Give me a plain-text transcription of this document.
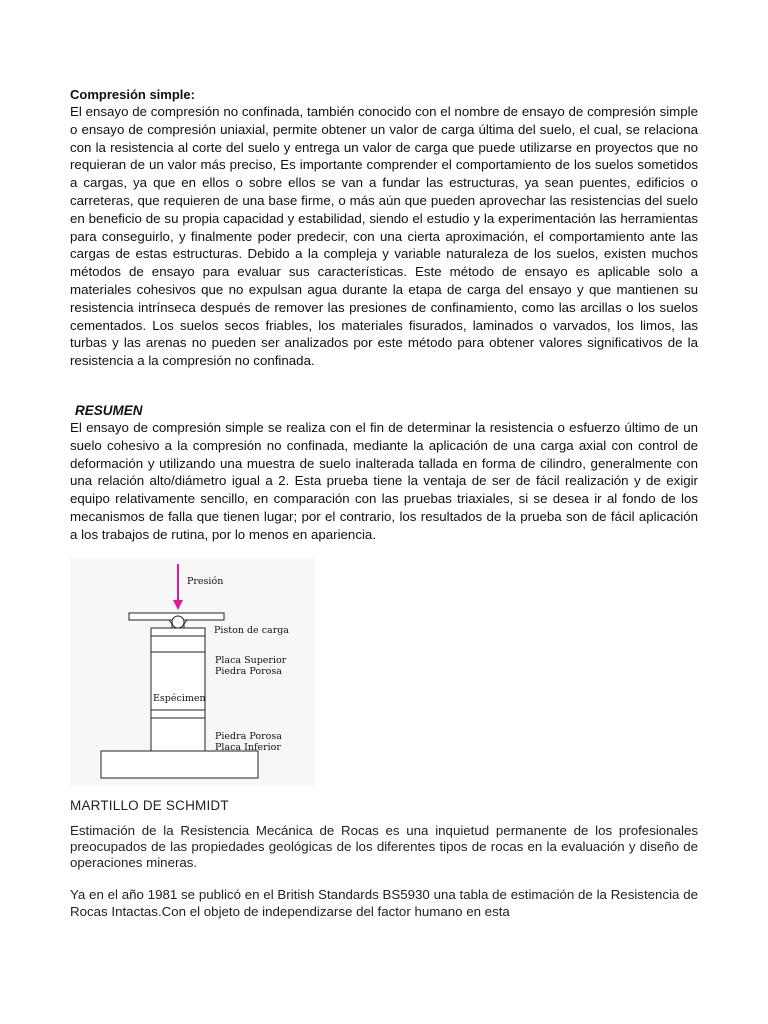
Compresión simple:

El ensayo de compresión no confinada, también conocido con el nombre de ensayo de compresión simple o ensayo de compresión uniaxial, permite obtener un valor de carga última del suelo, el cual, se relaciona con la resistencia al corte del suelo y entrega un valor de carga que puede utilizarse en proyectos que no requieran de un valor más preciso, Es importante comprender el comportamiento de los suelos sometidos a cargas, ya que en ellos o sobre ellos se van a fundar las estructuras, ya sean puentes, edificios o carreteras, que requieren de una base firme, o más aún que pueden aprovechar las resistencias del suelo en beneficio de su propia capacidad y estabilidad, siendo el estudio y la experimentación las herramientas para conseguirlo, y finalmente poder predecir, con una cierta aproximación, el comportamiento ante las cargas de estas estructuras. Debido a la compleja y variable naturaleza de los suelos, existen muchos métodos de ensayo para evaluar sus características. Este método de ensayo es aplicable solo a materiales cohesivos que no expulsan agua durante la etapa de carga del ensayo y que mantienen su resistencia intrínseca después de remover las presiones de confinamiento, como las arcillas o los suelos cementados. Los suelos secos friables, los materiales fisurados, laminados o varvados, los limos, las turbas y las arenas no pueden ser analizados por este método para obtener valores significativos de la resistencia a la compresión no confinada.

RESUMEN

El ensayo de compresión simple se realiza con el fin de determinar la resistencia o esfuerzo último de un suelo cohesivo a la compresión no confinada, mediante la aplicación de una carga axial con control de deformación y utilizando una muestra de suelo inalterada tallada en forma de cilindro, generalmente con una relación alto/diámetro igual a 2. Esta prueba tiene la ventaja de ser de fácil realización y de exigir equipo relativamente sencillo, en comparación con las pruebas triaxiales, si se desea ir al fondo de los mecanismos de falla que tienen lugar; por el contrario, los resultados de la prueba son de fácil aplicación a los trabajos de rutina, por lo menos en apariencia.

Presión
Piston de carga
Placa Superior
Piedra Porosa
Espécimen
Piedra Porosa
Placa Inferior
MARTILLO DE SCHMIDT

Estimación de la Resistencia Mecánica de Rocas es una inquietud permanente de los profesionales preocupados de las propiedades geológicas de los diferentes tipos de rocas en la evaluación y diseño de operaciones mineras.

Ya en el año 1981 se publicó en el British Standards BS5930 una tabla de estimación de la Resistencia de Rocas Intactas.Con el objeto de independizarse del factor humano en esta
